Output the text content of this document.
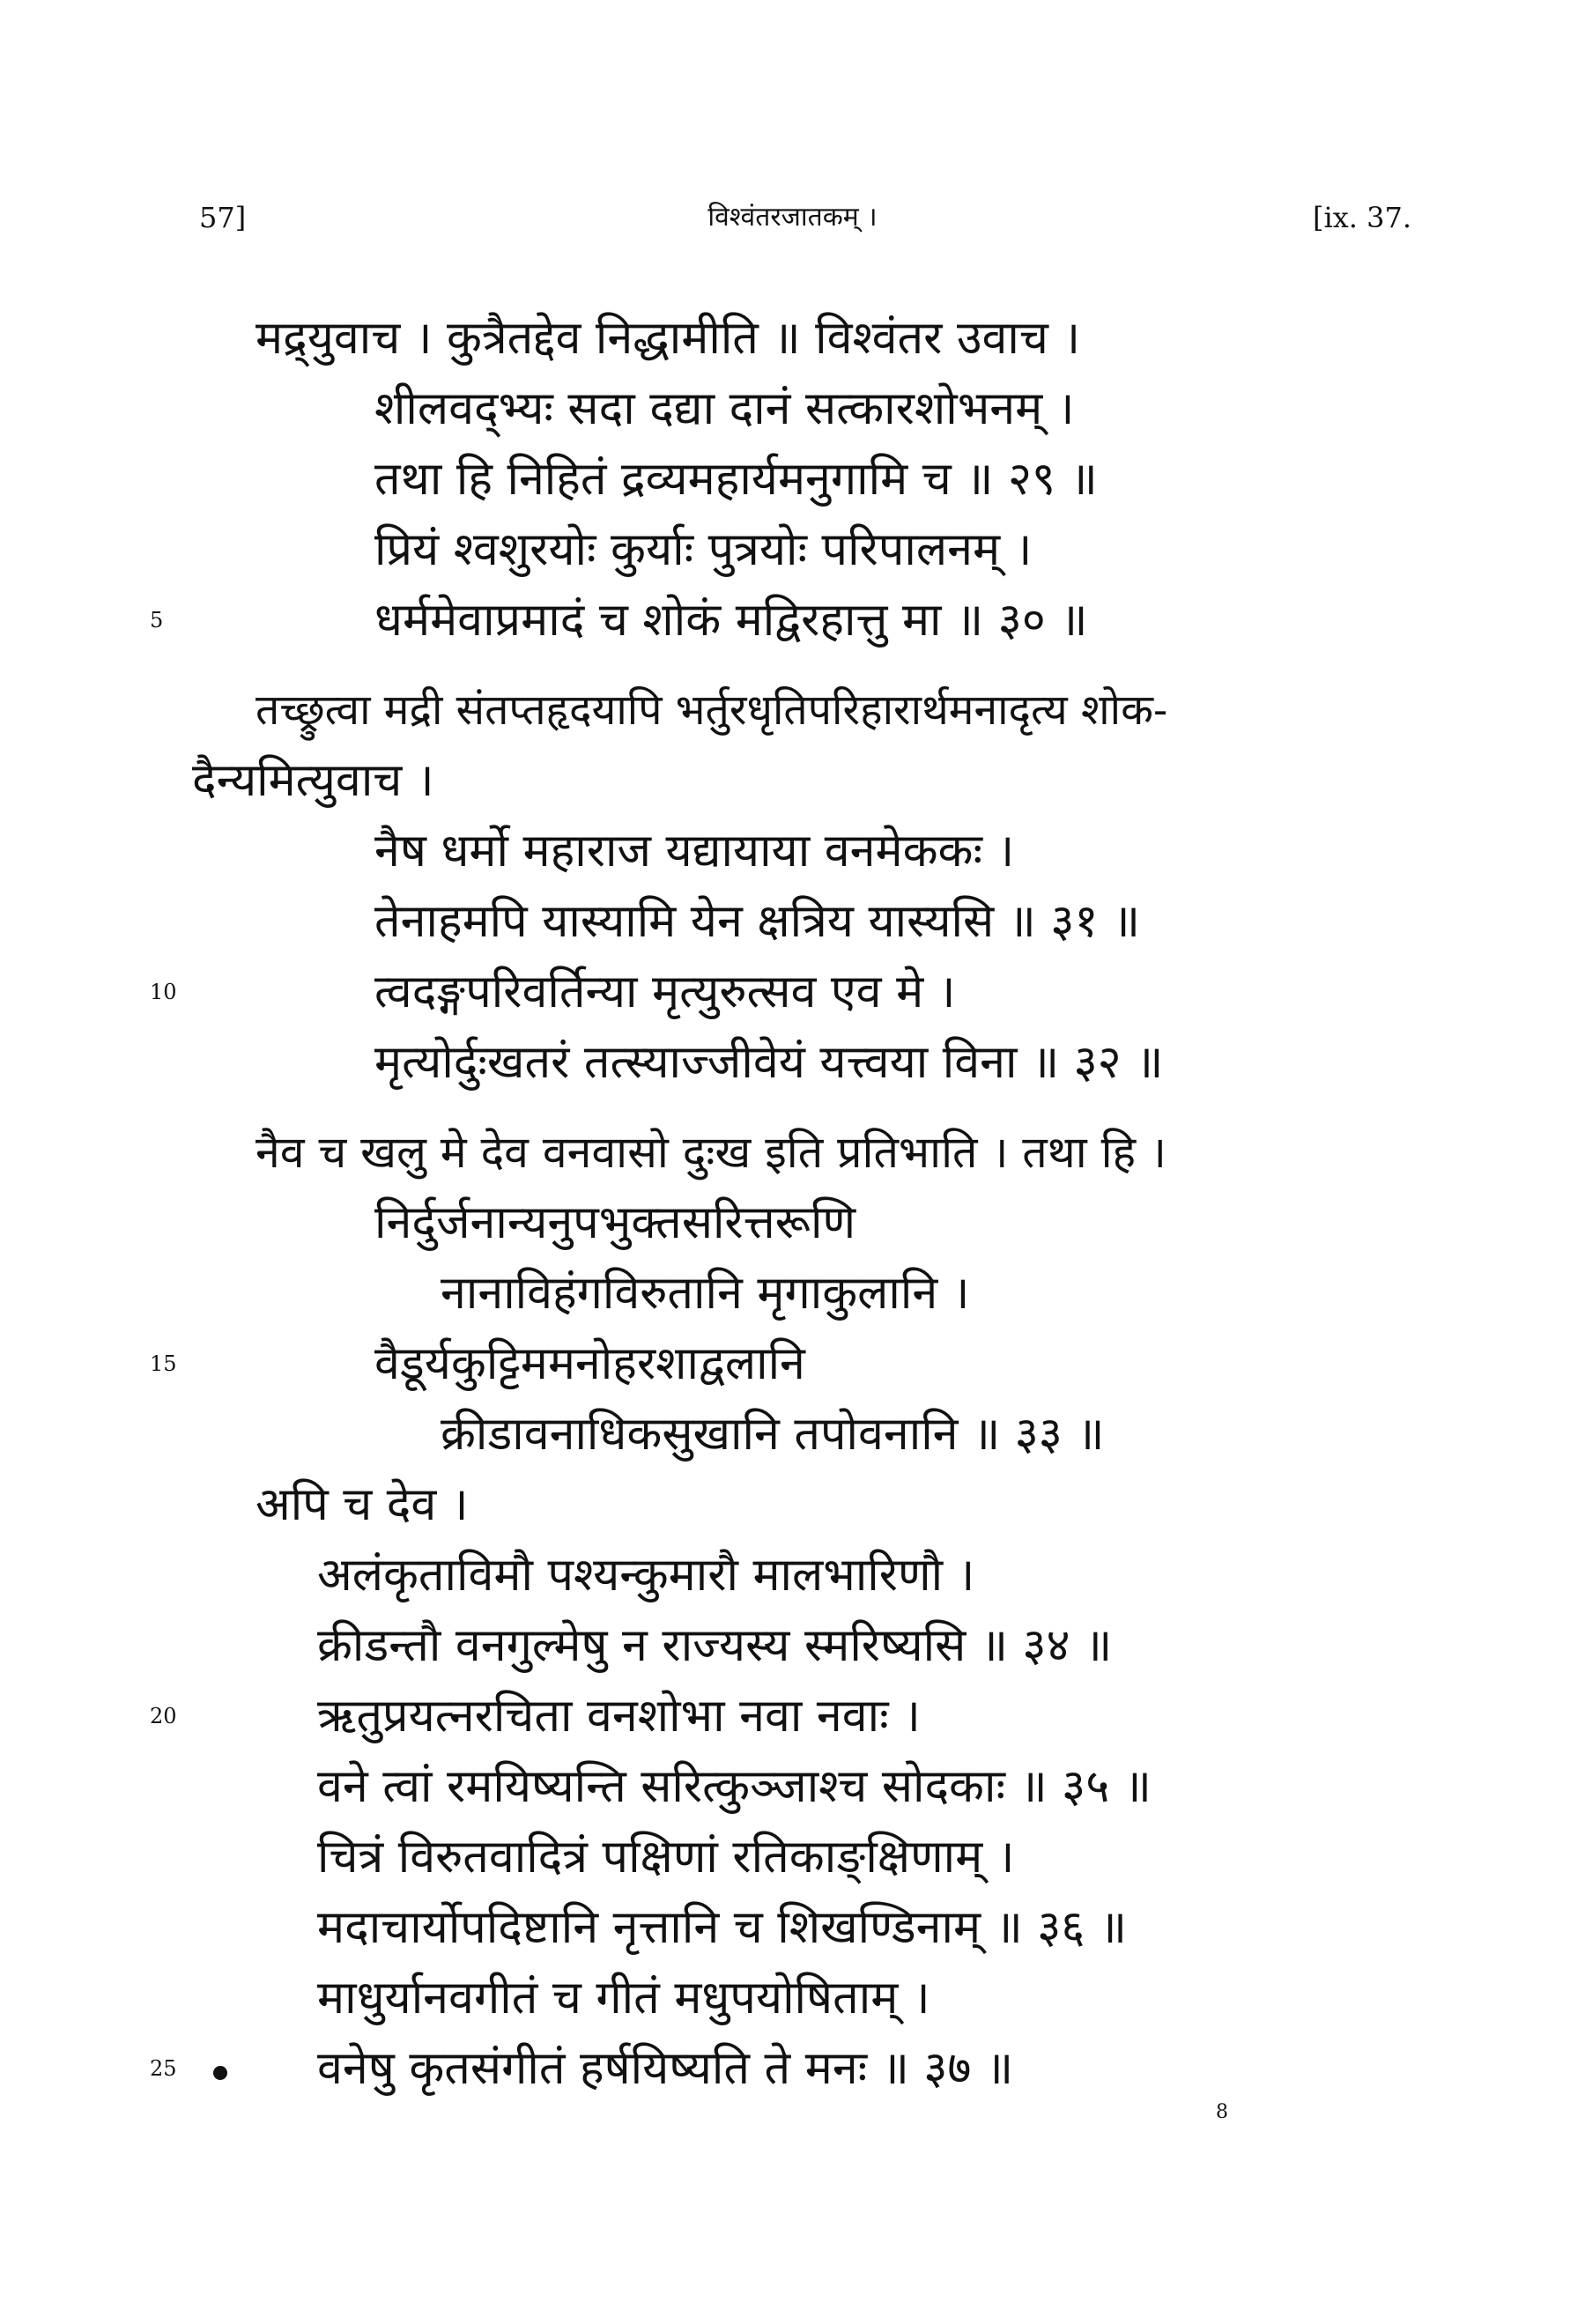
57]	विश्वंतरजातकम् ।	[ix. 37.
मद्र्युवाच । कुत्रैतद्देव निद्धामीति ॥ विश्वंतर उवाच ।
शीलवद्भ्यः सदा दद्या दानं सत्कारशोभनम् ।
तथा हि निहितं द्रव्यमहार्यमनुगामि च ॥ २९ ॥
प्रियं श्वशुरयोः कुर्याः पुत्रयोः परिपालनम् ।
धर्ममेवाप्रमादं च शोकं मद्विरहात्तु मा ॥ ३० ॥
तच्छ्रुत्वा मद्री संतप्तहृदयापि भर्तुरधृतिपरिहारार्थमनादृत्य शोक-
दैन्यमित्युवाच ।
नैष धर्मो महाराज यद्यायाया वनमेककः ।
तेनाहमपि यास्यामि येन क्षत्रिय यास्यसि ॥ ३१ ॥
त्वदङ्गपरिवर्तिन्या मृत्युरुत्सव एव मे ।
मृत्योर्दुःखतरं तत्स्याज्जीवेयं यत्त्वया विना ॥ ३२ ॥
नैव च खलु मे देव वनवासो दुःख इति प्रतिभाति । तथा हि ।
निर्दुर्जनान्यनुपभुक्तसरित्तरूणि
नानाविहंगविरुतानि मृगाकुलानि ।
वैडूर्यकुट्टिममनोहरशाद्वलानि
क्रीडावनाधिकसुखानि तपोवनानि ॥ ३३ ॥
अपि च देव ।
अलंकृताविमौ पश्यन्कुमारौ मालभारिणौ ।
क्रीडन्तौ वनगुल्मेषु न राज्यस्य स्मरिष्यसि ॥ ३४ ॥
ऋतुप्रयत्नरचिता वनशोभा नवा नवाः ।
वने त्वां रमयिष्यन्ति सरित्कुञ्जाश्च सोदकाः ॥ ३५ ॥
चित्रं विरुतवादित्रं पक्षिणां रतिकाङ्क्षिणाम् ।
मदाचार्योपदिष्टानि नृत्तानि च शिखण्डिनाम् ॥ ३६ ॥
माधुर्यानवगीतं च गीतं मधुपयोषिताम् ।
वनेषु कृतसंगीतं हर्षयिष्यति ते मनः ॥ ३७ ॥
5
10
15
20
25
8
